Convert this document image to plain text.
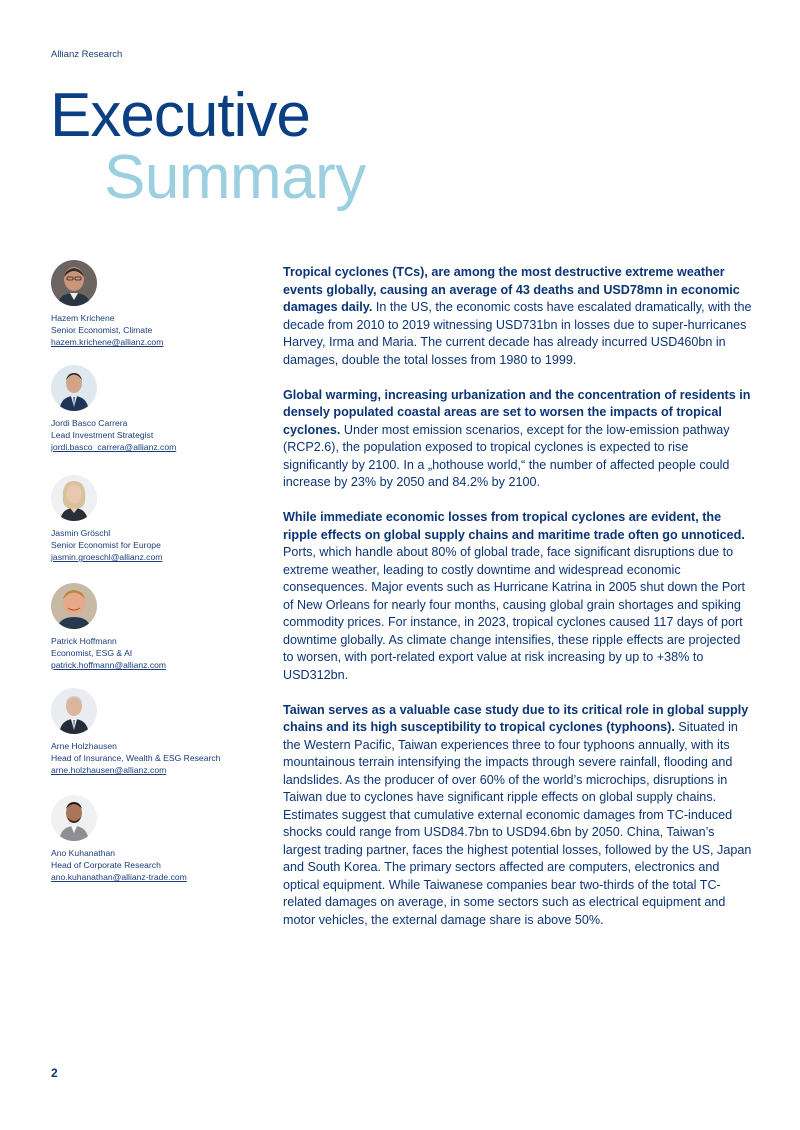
Allianz Research
Executive
Summary
Hazem Krichene
Senior Economist, Climate
hazem.krichene@allianz.com
Jordi Basco Carrera
Lead Investment Strategist
jordi.basco_carrera@allianz.com
Jasmin Gröschl
Senior Economist for Europe
jasmin.groeschl@allianz.com
Patrick Hoffmann
Economist, ESG & AI
patrick.hoffmann@allianz.com
Arne Holzhausen
Head of Insurance, Wealth & ESG Research
arne.holzhausen@allianz.com
Ano Kuhanathan
Head of Corporate Research
ano.kuhanathan@allianz-trade.com

Tropical cyclones (TCs), are among the most destructive extreme weather events globally, causing an average of 43 deaths and USD78mn in economic damages daily. In the US, the economic costs have escalated dramatically, with the decade from 2010 to 2019 witnessing USD731bn in losses due to super-hurricanes Harvey, Irma and Maria. The current decade has already incurred USD460bn in damages, double the total losses from 1980 to 1999.

Global warming, increasing urbanization and the concentration of residents in densely populated coastal areas are set to worsen the impacts of tropical cyclones. Under most emission scenarios, except for the low-emission pathway (RCP2.6), the population exposed to tropical cyclones is expected to rise significantly by 2100. In a „hothouse world,“ the number of affected people could increase by 23% by 2050 and 84.2% by 2100.

While immediate economic losses from tropical cyclones are evident, the ripple effects on global supply chains and maritime trade often go unnoticed. Ports, which handle about 80% of global trade, face significant disruptions due to extreme weather, leading to costly downtime and widespread economic consequences. Major events such as Hurricane Katrina in 2005 shut down the Port of New Orleans for nearly four months, causing global grain shortages and spiking commodity prices. For instance, in 2023, tropical cyclones caused 117 days of port downtime globally. As climate change intensifies, these ripple effects are projected to worsen, with port-related export value at risk increasing by up to +38% to USD312bn.

Taiwan serves as a valuable case study due to its critical role in global supply chains and its high susceptibility to tropical cyclones (typhoons). Situated in the Western Pacific, Taiwan experiences three to four typhoons annually, with its mountainous terrain intensifying the impacts through severe rainfall, flooding and landslides. As the producer of over 60% of the world’s microchips, disruptions in Taiwan due to cyclones have significant ripple effects on global supply chains. Estimates suggest that cumulative external economic damages from TC-induced shocks could range from USD84.7bn to USD94.6bn by 2050. China, Taiwan’s largest trading partner, faces the highest potential losses, followed by the US, Japan and South Korea. The primary sectors affected are computers, electronics and optical equipment. While Taiwanese companies bear two-thirds of the total TC-related damages on average, in some sectors such as electrical equipment and motor vehicles, the external damage share is above 50%.

2
